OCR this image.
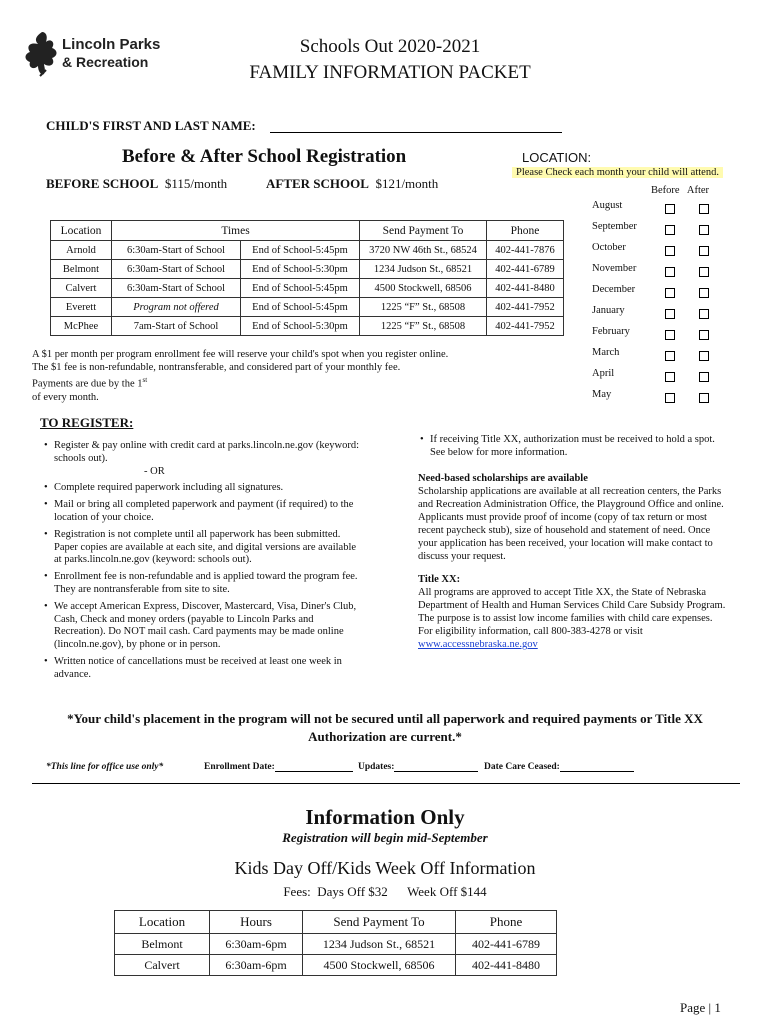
Lincoln Parks
& Recreation
Schools Out 2020-2021
FAMILY INFORMATION PACKET
CHILD'S FIRST AND LAST NAME:
Before & After School Registration
BEFORE SCHOOL $115/month	AFTER SCHOOL $121/month
LOCATION:
Please Check each month your child will attend.
Before After
Location	Times		Send Payment To	Phone
Arnold	6:30am-Start of School	End of School-5:45pm	3720 NW 46th St., 68524	402-441-7876
Belmont	6:30am-Start of School	End of School-5:30pm	1234 Judson St., 68521	402-441-6789
Calvert	6:30am-Start of School	End of School-5:45pm	4500 Stockwell, 68506	402-441-8480
Everett	Program not offered	End of School-5:45pm	1225 “F” St., 68508	402-441-7952
McPhee	7am-Start of School	End of School-5:30pm	1225 “F” St., 68508	402-441-7952
August
September
October
November
December
January
February
March
April
May
A $1 per month per program enrollment fee will reserve your child's spot when you register online.
The $1 fee is non-refundable, nontransferable, and considered part of your monthly fee.
Payments are due by the 1st
of every month.
TO REGISTER:
• Register & pay online with credit card at parks.lincoln.ne.gov (keyword: schools out).
- OR
• Complete required paperwork including all signatures.
• Mail or bring all completed paperwork and payment (if required) to the location of your choice.
• Registration is not complete until all paperwork has been submitted. Paper copies are available at each site, and digital versions are available at parks.lincoln.ne.gov (keyword: schools out).
• Enrollment fee is non-refundable and is applied toward the program fee. They are nontransferable from site to site.
• We accept American Express, Discover, Mastercard, Visa, Diner's Club, Cash, Check and money orders (payable to Lincoln Parks and Recreation). Do NOT mail cash. Card payments may be made online (lincoln.ne.gov), by phone or in person.
• Written notice of cancellations must be received at least one week in advance.
• If receiving Title XX, authorization must be received to hold a spot. See below for more information.
Need-based scholarships are available
Scholarship applications are available at all recreation centers, the Parks and Recreation Administration Office, the Playground Office and online. Applicants must provide proof of income (copy of tax return or most recent paycheck stub), size of household and statement of need. Once your application has been received, your location will make contact to discuss your request.
Title XX:
All programs are approved to accept Title XX, the State of Nebraska Department of Health and Human Services Child Care Subsidy Program. The purpose is to assist low income families with child care expenses. For eligibility information, call 800-383-4278 or visit www.accessnebraska.ne.gov
*Your child's placement in the program will not be secured until all paperwork and required payments or Title XX Authorization are current.*
*This line for office use only*	Enrollment Date:	Updates:	Date Care Ceased:
Information Only
Registration will begin mid-September
Kids Day Off/Kids Week Off Information
Fees:  Days Off $32      Week Off $144
Location	Hours	Send Payment To	Phone
Belmont	6:30am-6pm	1234 Judson St., 68521	402-441-6789
Calvert	6:30am-6pm	4500 Stockwell, 68506	402-441-8480
Page | 1
